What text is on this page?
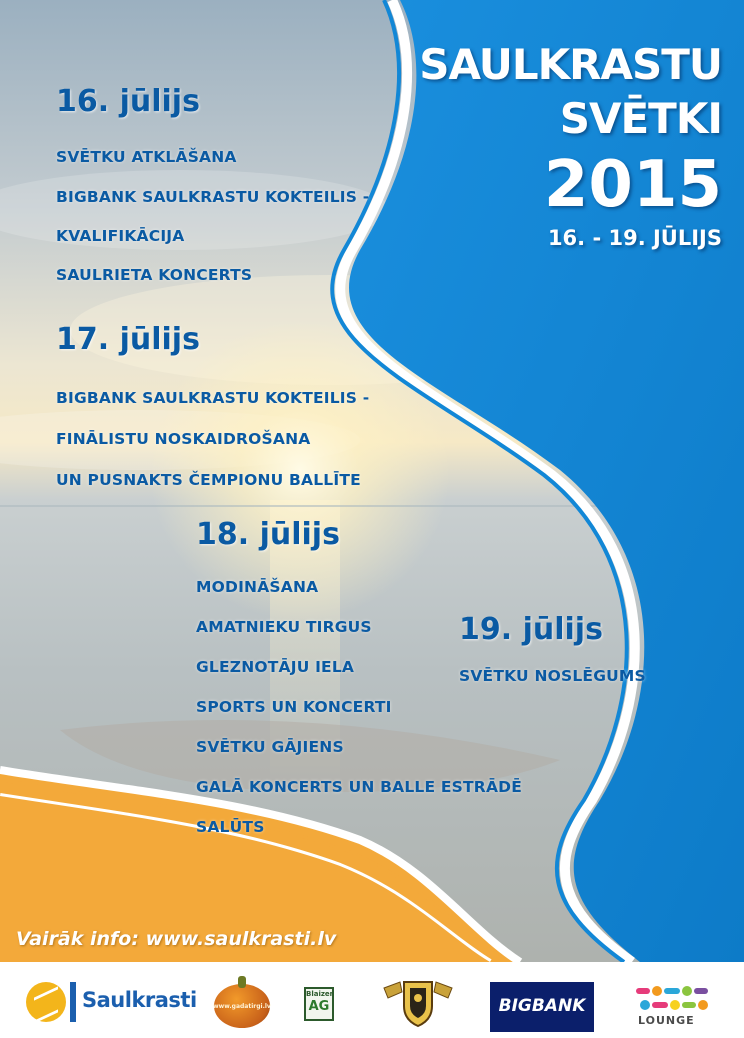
SAULKRASTU
SVĒTKI
2015
16. - 19. JŪLIJS
16. jūlijs
SVĒTKU ATKLĀŠANA
BIGBANK SAULKRASTU KOKTEILIS -
KVALIFIKĀCIJA
SAULRIETA KONCERTS
17. jūlijs
BIGBANK SAULKRASTU KOKTEILIS -
FINĀLISTU NOSKAIDROŠANA
UN PUSNAKTS ČEMPIONU BALLĪTE
18. jūlijs
MODINĀŠANA
AMATNIEKU TIRGUS
GLEZNOTĀJU IELA
SPORTS UN KONCERTI
SVĒTKU GĀJIENS
GALĀ KONCERTS UN BALLE ESTRĀDĒ
SALŪTS
19. jūlijs
SVĒTKU NOSLĒGUMS
Vairāk info: www.saulkrasti.lv
Saulkrasti	www.gadatirgi.lv
Blaizer
AG	BIGBANK
LOUNGE
